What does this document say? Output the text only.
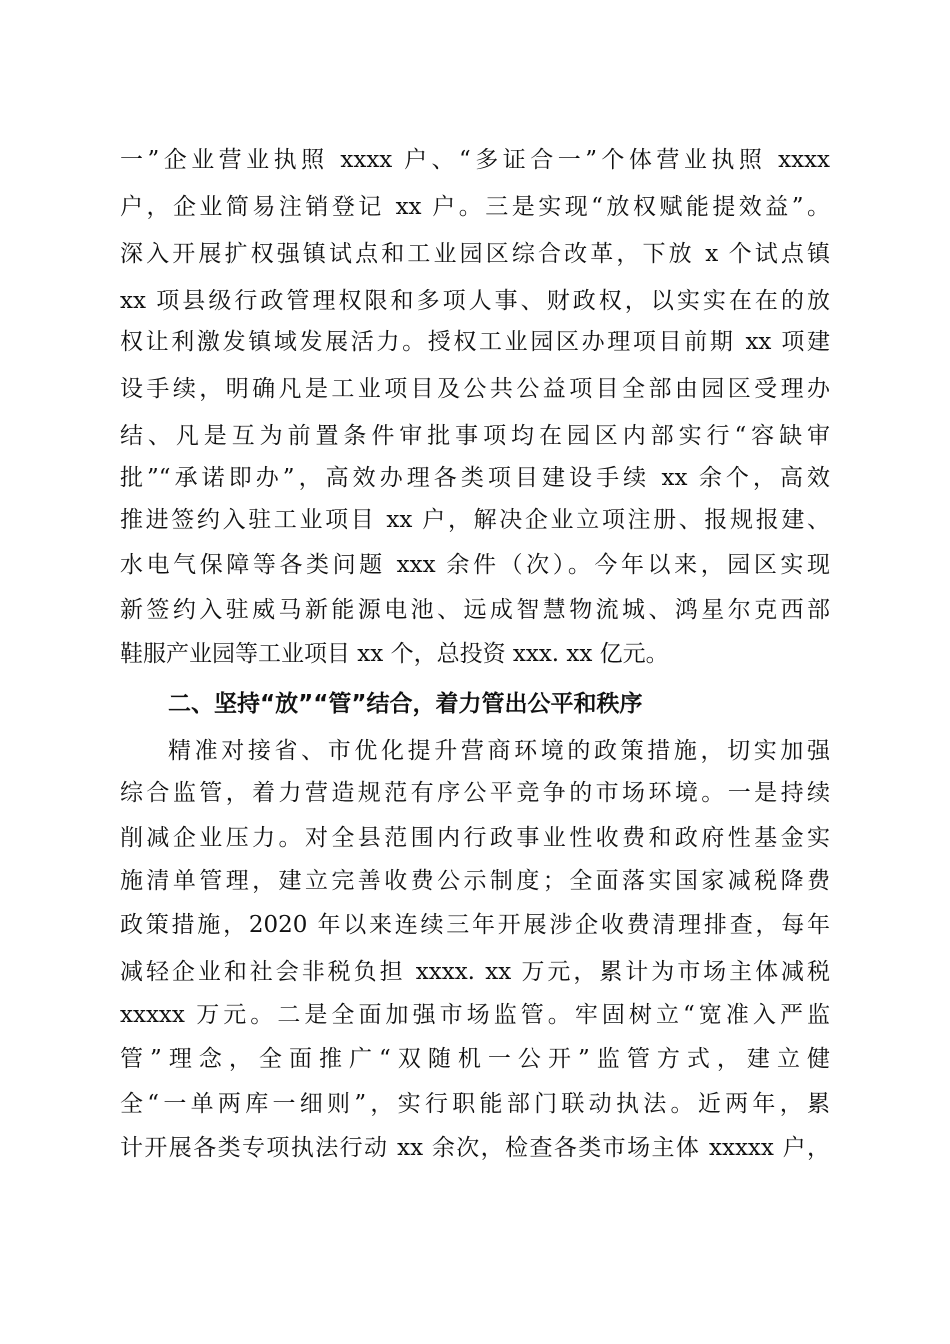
一”企业营业执照 xxxx 户、“多证合一”个体营业执照 xxxx
户，企业简易注销登记 xx 户。三是实现“放权赋能提效益”。
深入开展扩权强镇试点和工业园区综合改革，下放 x 个试点镇
xx 项县级行政管理权限和多项人事、财政权，以实实在在的放
权让利激发镇域发展活力。授权工业园区办理项目前期 xx 项建
设手续，明确凡是工业项目及公共公益项目全部由园区受理办
结、凡是互为前置条件审批事项均在园区内部实行“容缺审
批”“承诺即办”，高效办理各类项目建设手续 xx 余个，高效
推进签约入驻工业项目 xx 户，解决企业立项注册、报规报建、
水电气保障等各类问题 xxx 余件（次）。今年以来，园区实现
新签约入驻威马新能源电池、远成智慧物流城、鸿星尔克西部
鞋服产业园等工业项目 xx 个，总投资 xxx. xx 亿元。
二、坚持“放”“管”结合，着力管出公平和秩序
精准对接省、市优化提升营商环境的政策措施，切实加强
综合监管，着力营造规范有序公平竞争的市场环境。一是持续
削减企业压力。对全县范围内行政事业性收费和政府性基金实
施清单管理，建立完善收费公示制度；全面落实国家减税降费
政策措施，2020 年以来连续三年开展涉企收费清理排查，每年
减轻企业和社会非税负担 xxxx. xx 万元，累计为市场主体减税
xxxxx 万元。二是全面加强市场监管。牢固树立“宽准入严监
管”理念，全面推广“双随机一公开”监管方式，建立健
全“一单两库一细则”，实行职能部门联动执法。近两年，累
计开展各类专项执法行动 xx 余次，检查各类市场主体 xxxxx 户，
